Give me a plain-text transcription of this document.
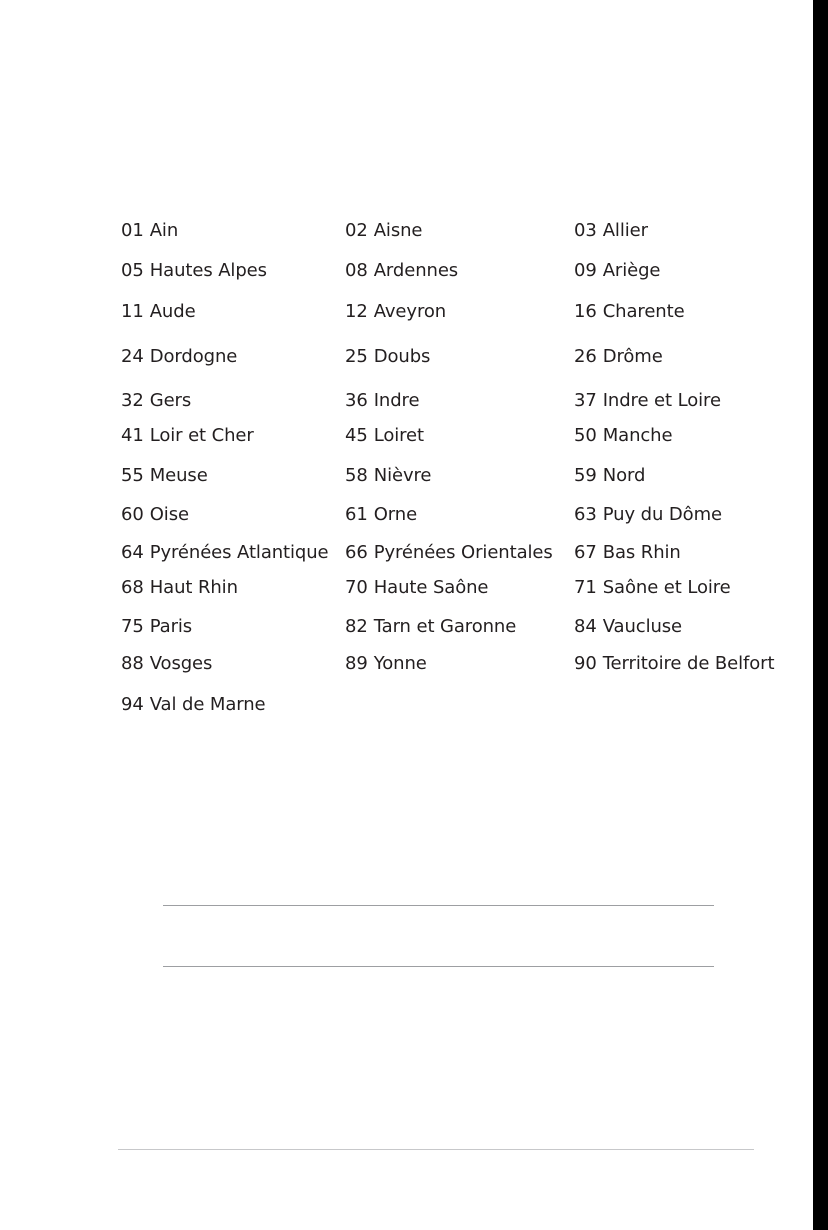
01 Ain	02 Aisne	03 Allier
05 Hautes Alpes	08 Ardennes	09 Ariège
11 Aude	12 Aveyron	16 Charente
24 Dordogne	25 Doubs	26 Drôme
32 Gers	36 Indre	37 Indre et Loire
41 Loir et Cher	45 Loiret	50 Manche
55 Meuse	58 Nièvre	59 Nord
60 Oise	61 Orne	63 Puy du Dôme
64 Pyrénées Atlantique 66 Pyrénées Orientales 67 Bas Rhin
68 Haut Rhin	70 Haute Saône	71 Saône et Loire
75 Paris	82 Tarn et Garonne	84 Vaucluse
88 Vosges	89 Yonne	90 Territoire de Belfort
94 Val de Marne
